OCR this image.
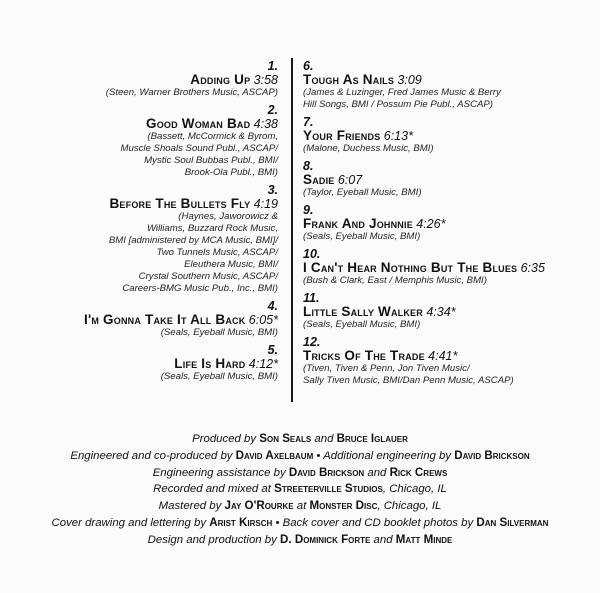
1.
Adding Up 3:58
(Steen, Warner Brothers Music, ASCAP)
2.
Good Woman Bad 4:38
(Bassett, McCormick & Byrom,
Muscle Shoals Sound Publ., ASCAP/
Mystic Soul Bubbas Publ., BMI/
Brook-Ola Publ., BMI)
3.
Before The Bullets Fly 4:19
(Haynes, Jaworowicz &
Williams, Buzzard Rock Music,
BMI [administered by MCA Music, BMI]/
Two Tunnels Music, ASCAP/
Eleuthera Music, BMI/
Crystal Southern Music, ASCAP/
Careers-BMG Music Pub., Inc., BMI)
4.
I'm Gonna Take It All Back 6:05*
(Seals, Eyeball Music, BMI)
5.
Life Is Hard 4:12*
(Seals, Eyeball Music, BMI)
6.
Tough As Nails 3:09
(James & Luzinger, Fred James Music & Berry
Hill Songs, BMI / Possum Pie Publ., ASCAP)
7.
Your Friends 6:13*
(Malone, Duchess Music, BMI)
8.
Sadie 6:07
(Taylor, Eyeball Music, BMI)
9.
Frank And Johnnie 4:26*
(Seals, Eyeball Music, BMI)
10.
I Can't Hear Nothing But The Blues 6:35
(Bush & Clark, East / Memphis Music, BMI)
11.
Little Sally Walker 4:34*
(Seals, Eyeball Music, BMI)
12.
Tricks Of The Trade 4:41*
(Tiven, Tiven & Penn, Jon Tiven Music/
Sally Tiven Music, BMI/Dan Penn Music, ASCAP)
Produced by Son Seals and Bruce Iglauer
Engineered and co-produced by David Axelbaum • Additional engineering by David Brickson
Engineering assistance by David Brickson and Rick Crews
Recorded and mixed at Streeterville Studios, Chicago, IL
Mastered by Jay O'Rourke at Monster Disc, Chicago, IL
Cover drawing and lettering by Arist Kirsch • Back cover and CD booklet photos by Dan Silverman
Design and production by D. Dominick Forte and Matt Minde
